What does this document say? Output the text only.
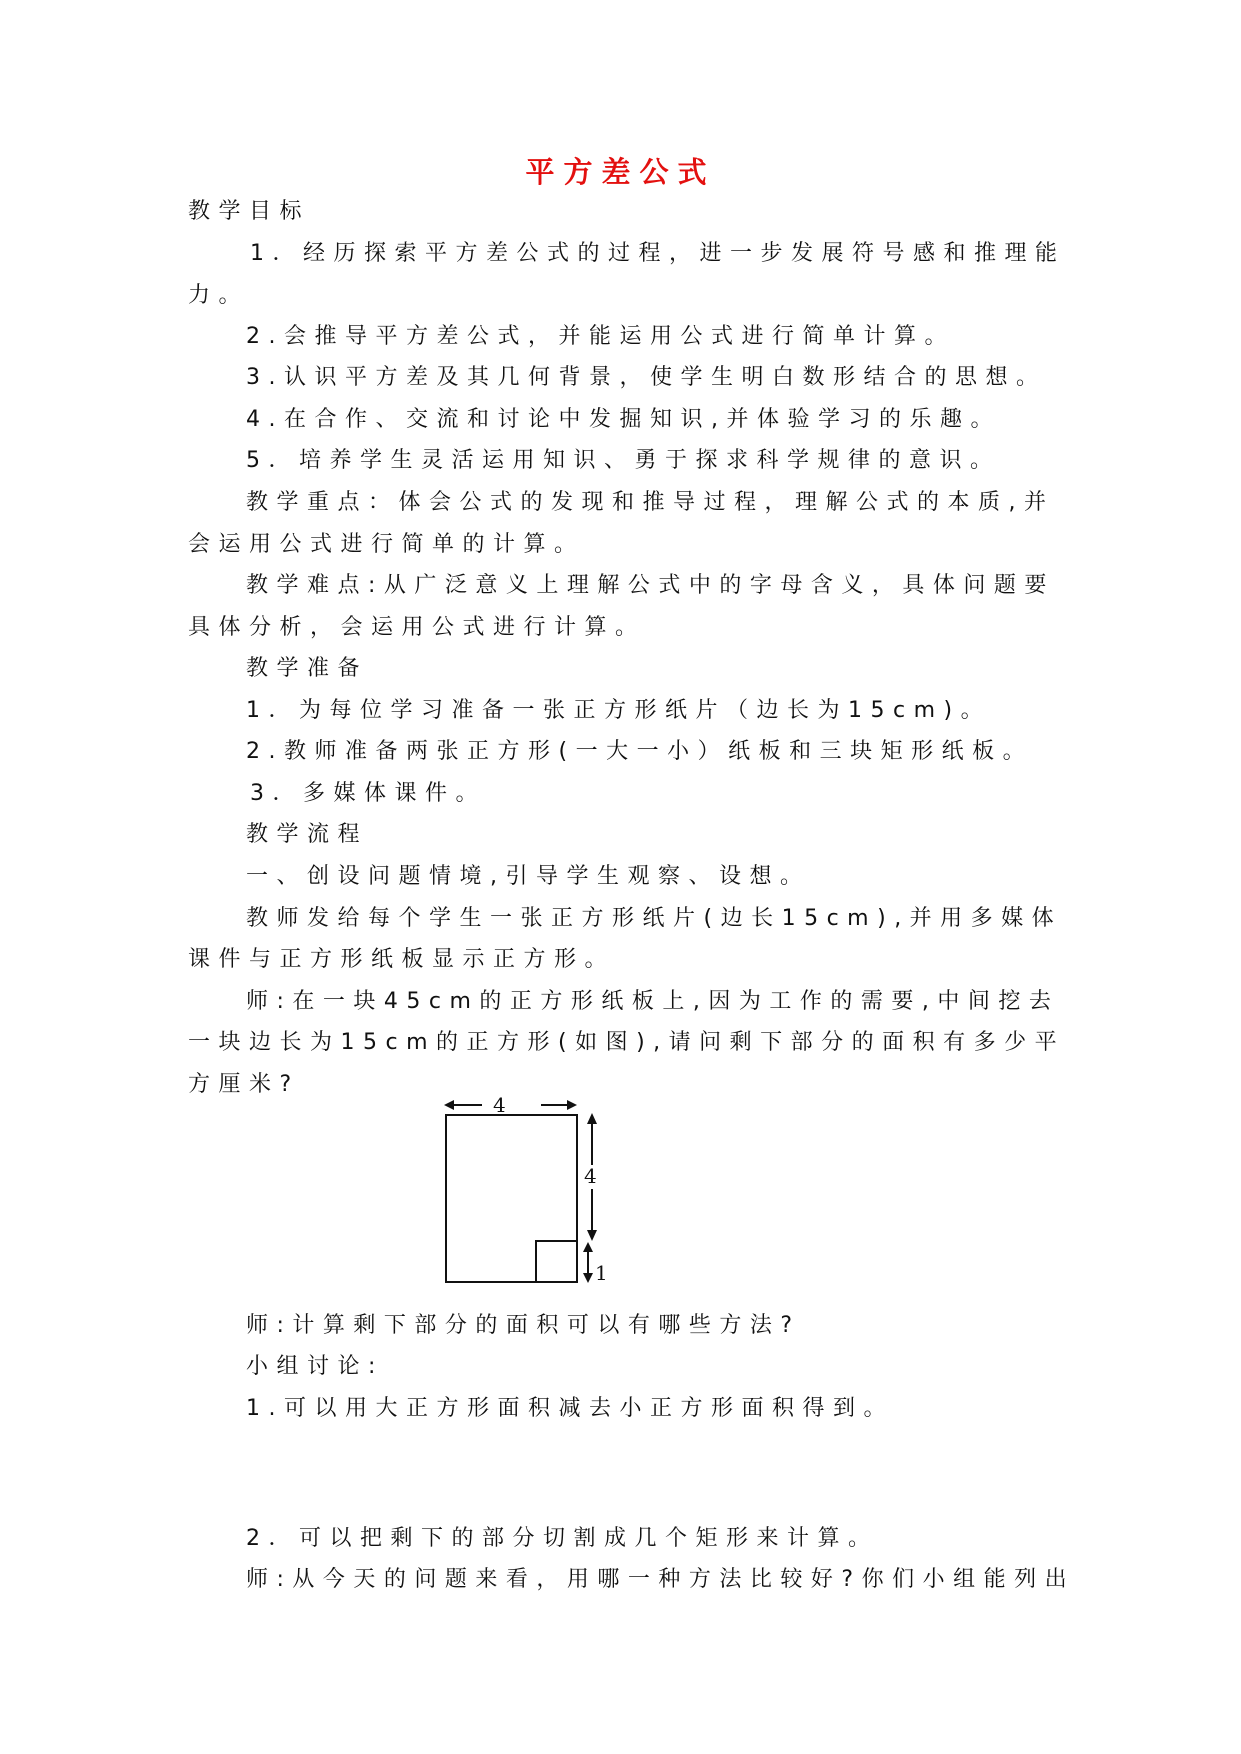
平方差公式
教学目标
1．经历探索平方差公式的过程，进一步发展符号感和推理能
力。
2.会推导平方差公式，并能运用公式进行简单计算。
3.认识平方差及其几何背景，使学生明白数形结合的思想。
4.在合作、交流和讨论中发掘知识,并体验学习的乐趣。
5．培养学生灵活运用知识、勇于探求科学规律的意识。
教学重点：体会公式的发现和推导过程，理解公式的本质,并
会运用公式进行简单的计算。
教学难点:从广泛意义上理解公式中的字母含义，具体问题要
具体分析，会运用公式进行计算。
教学准备
1．为每位学习准备一张正方形纸片（边长为15cm)。
2.教师准备两张正方形(一大一小）纸板和三块矩形纸板。
3．多媒体课件。
教学流程
一、创设问题情境,引导学生观察、设想。
教师发给每个学生一张正方形纸片(边长15cm),并用多媒体
课件与正方形纸板显示正方形。
师:在一块45cm的正方形纸板上,因为工作的需要,中间挖去
一块边长为15cm的正方形(如图),请问剩下部分的面积有多少平
方厘米?
4
4
1
师:计算剩下部分的面积可以有哪些方法?
小组讨论:
1.可以用大正方形面积减去小正方形面积得到。
2．可以把剩下的部分切割成几个矩形来计算。
师:从今天的问题来看，用哪一种方法比较好?你们小组能列出
